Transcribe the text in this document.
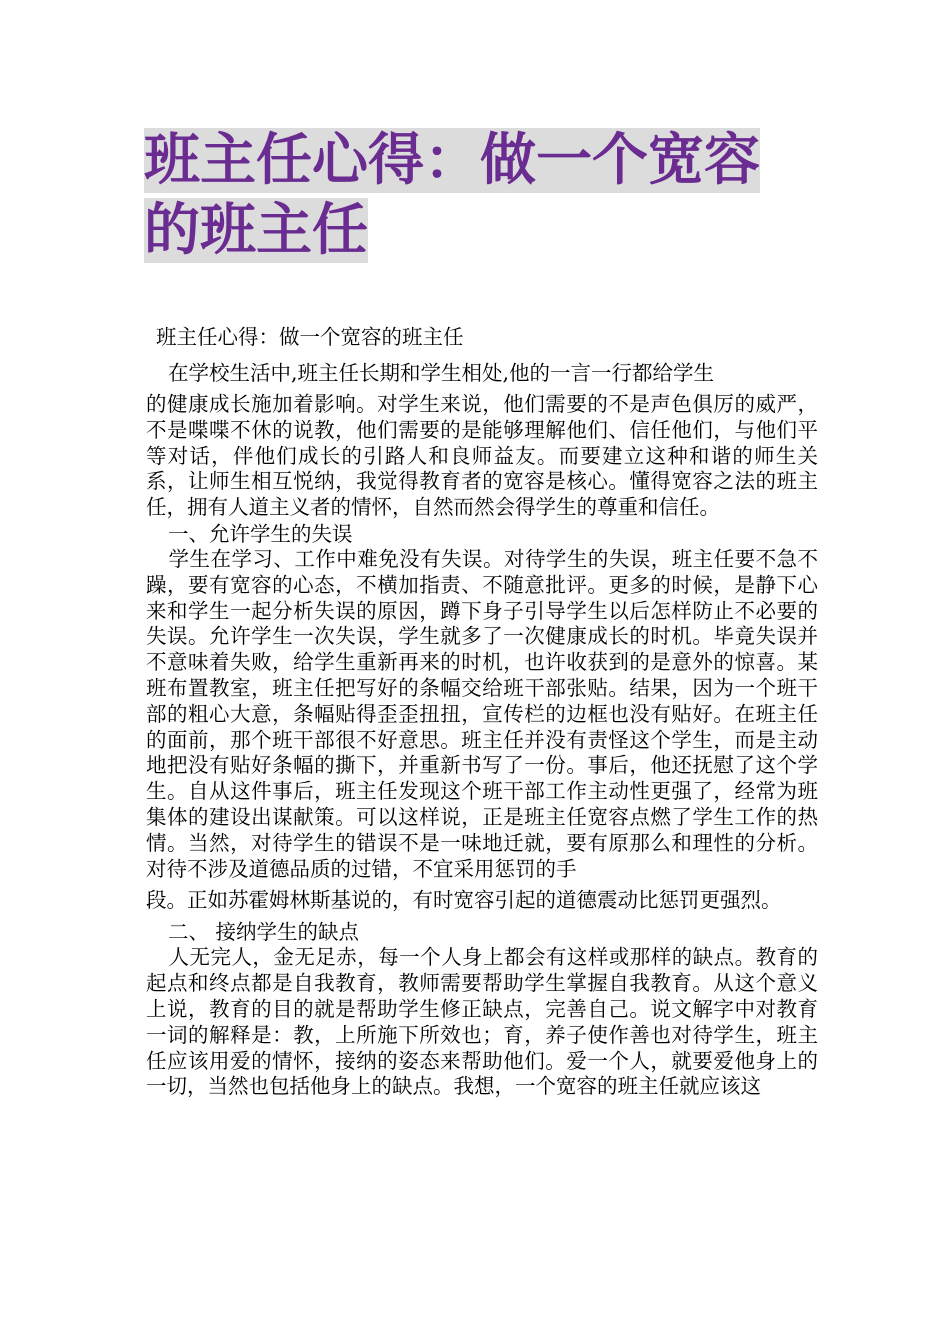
班主任心得：做一个宽容
的班主任

班主任心得：做一个宽容的班主任

在学校生活中,班主任长期和学生相处,他的一言一行都给学生

的健康成长施加着影响。对学生来说，他们需要的不是声色俱厉的威严，不是喋喋不休的说教，他们需要的是能够理解他们、信任他们，与他们平等对话，伴他们成长的引路人和良师益友。而要建立这种和谐的师生关系，让师生相互悦纳，我觉得教育者的宽容是核心。懂得宽容之法的班主任，拥有人道主义者的情怀，自然而然会得学生的尊重和信任。

一、允许学生的失误

学生在学习、工作中难免没有失误。对待学生的失误，班主任要不急不躁，要有宽容的心态，不横加指责、不随意批评。更多的时候，是静下心来和学生一起分析失误的原因，蹲下身子引导学生以后怎样防止不必要的失误。允许学生一次失误，学生就多了一次健康成长的时机。毕竟失误并不意味着失败，给学生重新再来的时机，也许收获到的是意外的惊喜。某班布置教室，班主任把写好的条幅交给班干部张贴。结果，因为一个班干部的粗心大意，条幅贴得歪歪扭扭，宣传栏的边框也没有贴好。在班主任的面前，那个班干部很不好意思。班主任并没有责怪这个学生，而是主动地把没有贴好条幅的撕下，并重新书写了一份。事后，他还抚慰了这个学生。自从这件事后，班主任发现这个班干部工作主动性更强了，经常为班集体的建设出谋献策。可以这样说，正是班主任宽容点燃了学生工作的热情。当然，对待学生的错误不是一味地迁就，要有原那么和理性的分析。对待不涉及道德品质的过错，不宜采用惩罚的手

段。正如苏霍姆林斯基说的，有时宽容引起的道德震动比惩罚更强烈。

二、 接纳学生的缺点

人无完人，金无足赤，每一个人身上都会有这样或那样的缺点。教育的起点和终点都是自我教育，教师需要帮助学生掌握自我教育。从这个意义上说，教育的目的就是帮助学生修正缺点，完善自己。说文解字中对教育一词的解释是：教，上所施下所效也；育，养子使作善也对待学生，班主任应该用爱的情怀，接纳的姿态来帮助他们。爱一个人，就要爱他身上的一切，当然也包括他身上的缺点。我想，一个宽容的班主任就应该这
